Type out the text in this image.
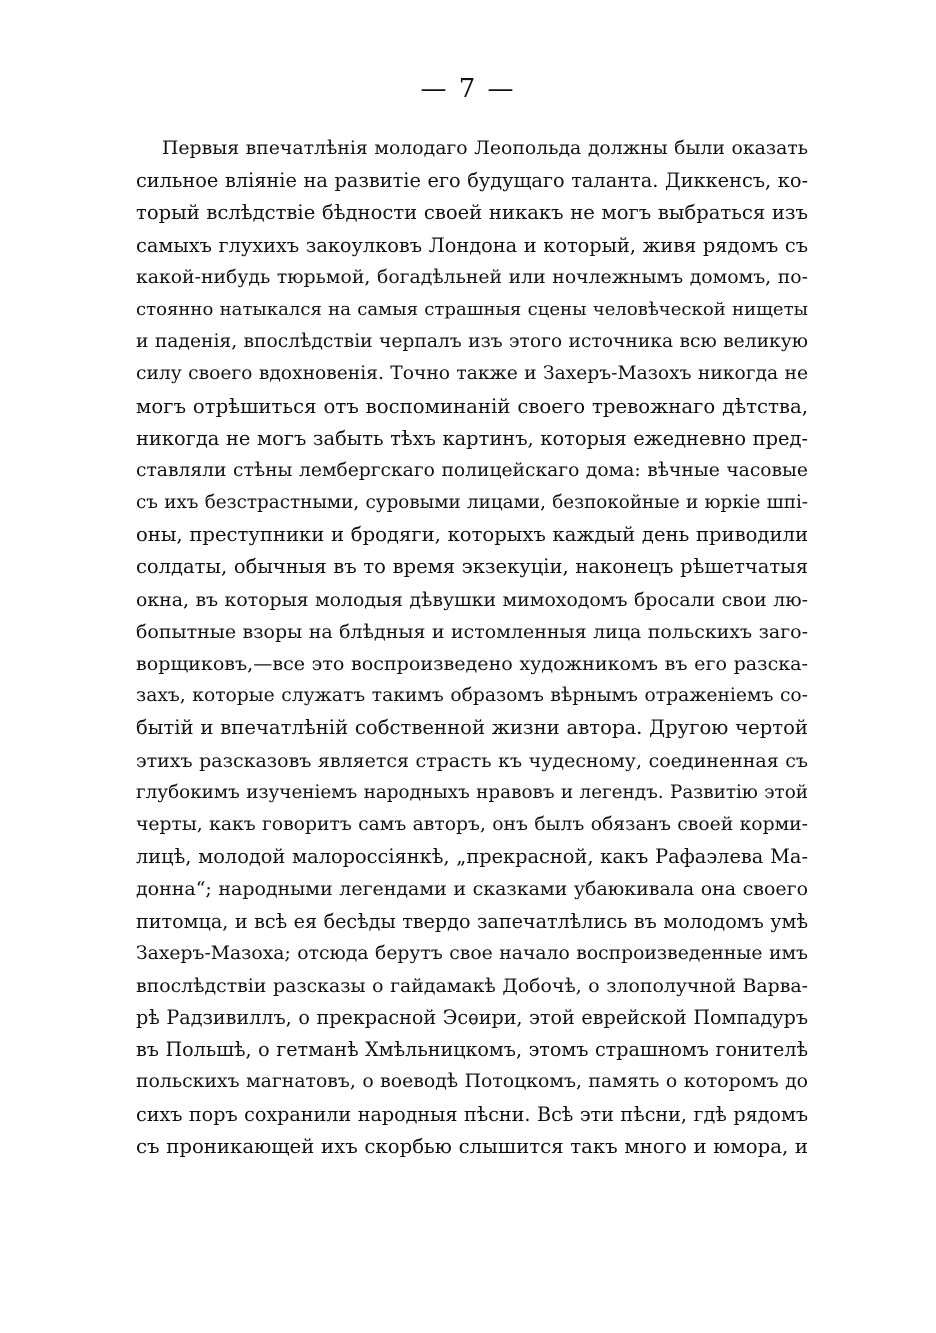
— 7 —
Первыя впечатлѣнія молодаго Леопольда должны были оказать
сильное вліяніе на развитіе его будущаго таланта. Диккенсъ, ко-
торый вслѣдствіе бѣдности своей никакъ не могъ выбраться изъ
самыхъ глухихъ закоулковъ Лондона и который, живя рядомъ съ
какой-нибудь тюрьмой, богадѣльней или ночлежнымъ домомъ, по-
стоянно натыкался на самыя страшныя сцены человѣческой нищеты
и паденія, впослѣдствіи черпалъ изъ этого источника всю великую
силу своего вдохновенія. Точно также и Захеръ-Мазохъ никогда не
могъ отрѣшиться отъ воспоминаній своего тревожнаго дѣтства,
никогда не могъ забыть тѣхъ картинъ, которыя ежедневно пред-
ставляли стѣны лембергскаго полицейскаго дома: вѣчные часовые
съ ихъ безстрастными, суровыми лицами, безпокойные и юркіе шпі-
оны, преступники и бродяги, которыхъ каждый день приводили
солдаты, обычныя въ то время экзекуціи, наконецъ рѣшетчатыя
окна, въ которыя молодыя дѣвушки мимоходомъ бросали свои лю-
бопытные взоры на блѣдныя и истомленныя лица польскихъ заго-
ворщиковъ,—все это воспроизведено художникомъ въ его разска-
захъ, которые служатъ такимъ образомъ вѣрнымъ отраженіемъ со-
бытій и впечатлѣній собственной жизни автора. Другою чертой
этихъ разсказовъ является страсть къ чудесному, соединенная съ
глубокимъ изученіемъ народныхъ нравовъ и легендъ. Развитію этой
черты, какъ говоритъ самъ авторъ, онъ былъ обязанъ своей корми-
лицѣ, молодой малороссіянкѣ, „прекрасной, какъ Рафаэлева Ма-
донна“; народными легендами и сказками убаюкивала она своего
питомца, и всѣ ея бесѣды твердо запечатлѣлись въ молодомъ умѣ
Захеръ-Мазоха; отсюда берутъ свое начало воспроизведенные имъ
впослѣдствіи разсказы о гайдамакѣ Добочѣ, о злополучной Варва-
рѣ Радзивиллъ, о прекрасной Эсѳири, этой еврейской Помпадуръ
въ Польшѣ, о гетманѣ Хмѣльницкомъ, этомъ страшномъ гонителѣ
польскихъ магнатовъ, о воеводѣ Потоцкомъ, память о которомъ до
сихъ поръ сохранили народныя пѣсни. Всѣ эти пѣсни, гдѣ рядомъ
съ проникающей ихъ скорбью слышится такъ много и юмора, и
